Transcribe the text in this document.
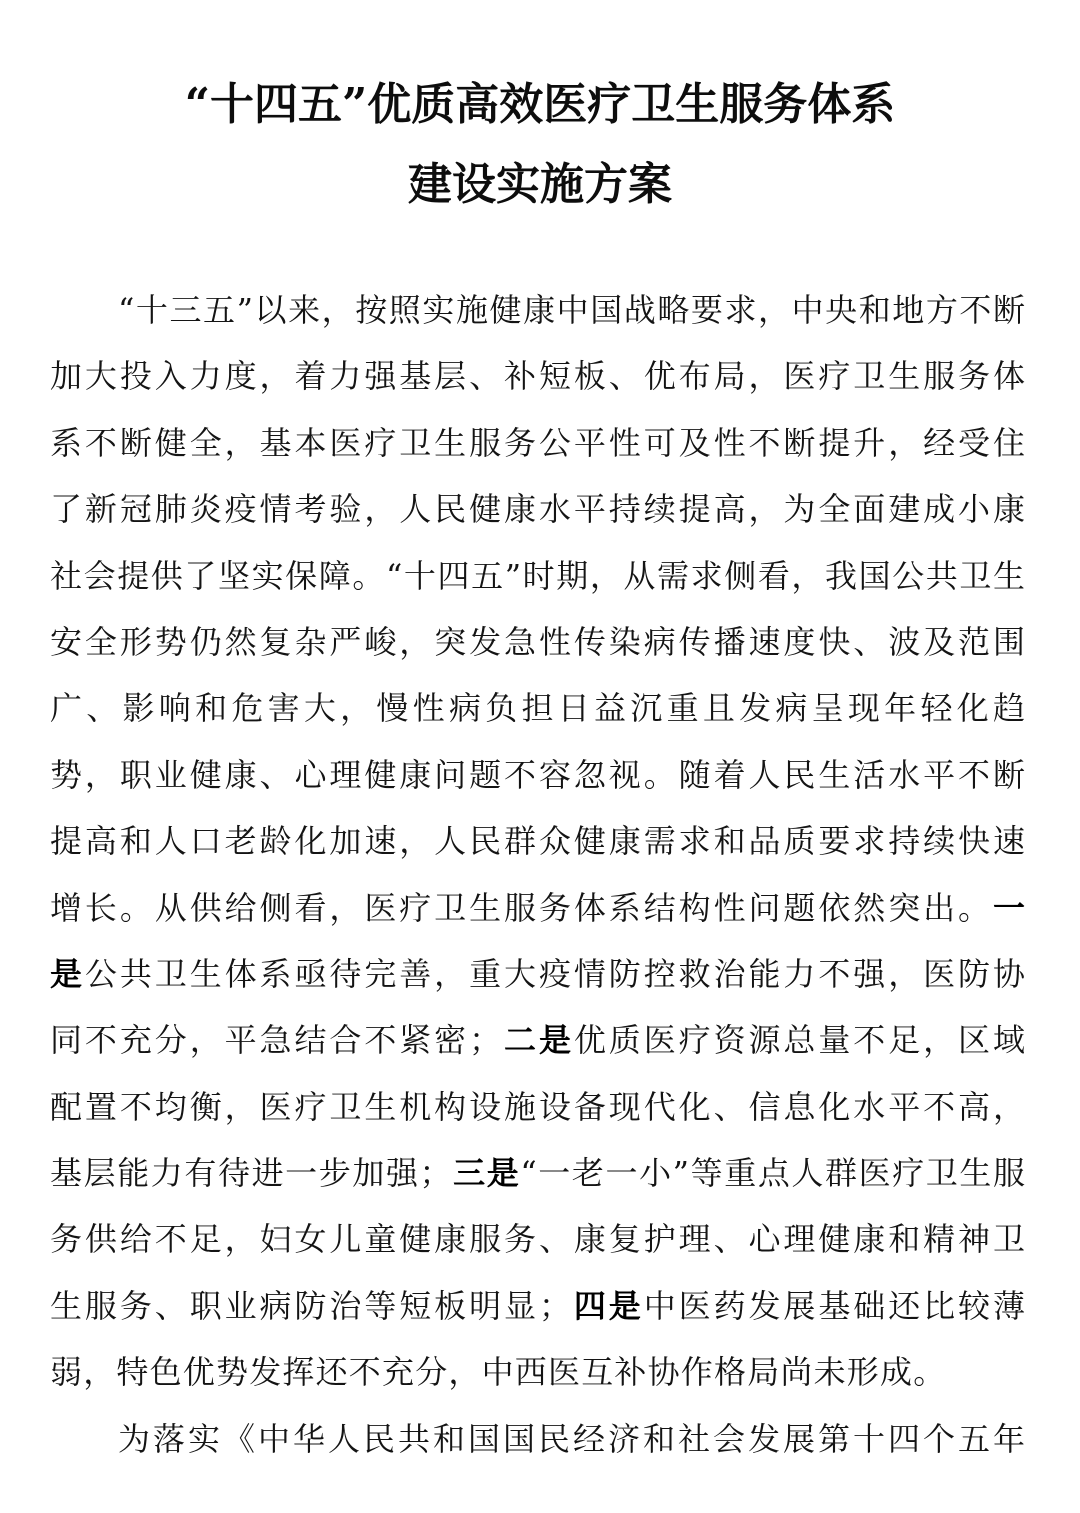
“十四五”优质高效医疗卫生服务体系
建设实施方案
“十三五”以来，按照实施健康中国战略要求，中央和地方不断
加大投入力度，着力强基层、补短板、优布局，医疗卫生服务体
系不断健全，基本医疗卫生服务公平性可及性不断提升，经受住
了新冠肺炎疫情考验，人民健康水平持续提高，为全面建成小康
社会提供了坚实保障。“十四五”时期，从需求侧看，我国公共卫生
安全形势仍然复杂严峻，突发急性传染病传播速度快、波及范围
广、影响和危害大，慢性病负担日益沉重且发病呈现年轻化趋
势，职业健康、心理健康问题不容忽视。随着人民生活水平不断
提高和人口老龄化加速，人民群众健康需求和品质要求持续快速
增长。从供给侧看，医疗卫生服务体系结构性问题依然突出。一
是公共卫生体系亟待完善，重大疫情防控救治能力不强，医防协
同不充分，平急结合不紧密；二是优质医疗资源总量不足，区域
配置不均衡，医疗卫生机构设施设备现代化、信息化水平不高，
基层能力有待进一步加强；三是“一老一小”等重点人群医疗卫生服
务供给不足，妇女儿童健康服务、康复护理、心理健康和精神卫
生服务、职业病防治等短板明显；四是中医药发展基础还比较薄
弱，特色优势发挥还不充分，中西医互补协作格局尚未形成。
为落实《中华人民共和国国民经济和社会发展第十四个五年
